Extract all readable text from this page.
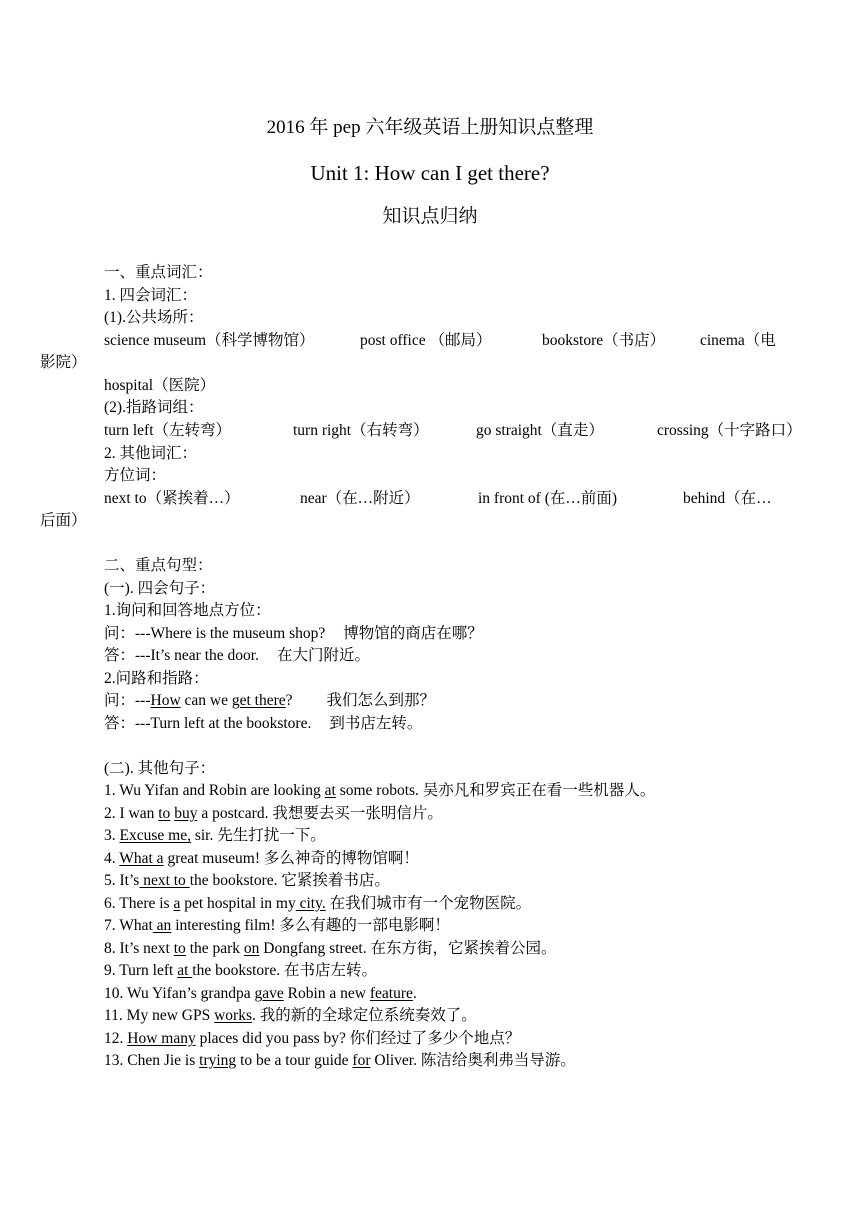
2016 年 pep 六年级英语上册知识点整理
Unit 1: How can I get there?
知识点归纳
一、重点词汇：
1. 四会词汇：
(1).公共场所：
science museum（科学博物馆）	post office （邮局）	bookstore（书店） cinema（电
影院）
hospital（医院）
(2).指路词组：
turn left（左转弯）	turn right（右转弯）	go straight（直走）	crossing（十字路口）
2. 其他词汇：
方位词：
next to（紧挨着…）	near（在…附近）	in front of (在…前面)	behind（在…
后面）
二、重点句型：
(一). 四会句子：
1.询问和回答地点方位：
问：---Where is the museum shop? 博物馆的商店在哪？
答：---It’s near the door. 在大门附近。
2.问路和指路：
问：---How can we get there? 我们怎么到那？
答：---Turn left at the bookstore. 到书店左转。
(二). 其他句子：
1. Wu Yifan and Robin are looking at some robots. 吴亦凡和罗宾正在看一些机器人。
2. I wan to buy a postcard. 我想要去买一张明信片。
3. Excuse me, sir. 先生打扰一下。
4. What a great museum! 多么神奇的博物馆啊！
5. It’s next to the bookstore. 它紧挨着书店。
6. There is a pet hospital in my city. 在我们城市有一个宠物医院。
7. What an interesting film! 多么有趣的一部电影啊！
8. It’s next to the park on Dongfang street. 在东方街，它紧挨着公园。
9. Turn left at the bookstore. 在书店左转。
10. Wu Yifan’s grandpa gave Robin a new feature.
11. My new GPS works. 我的新的全球定位系统奏效了。
12. How many places did you pass by? 你们经过了多少个地点？
13. Chen Jie is trying to be a tour guide for Oliver. 陈洁给奥利弗当导游。
